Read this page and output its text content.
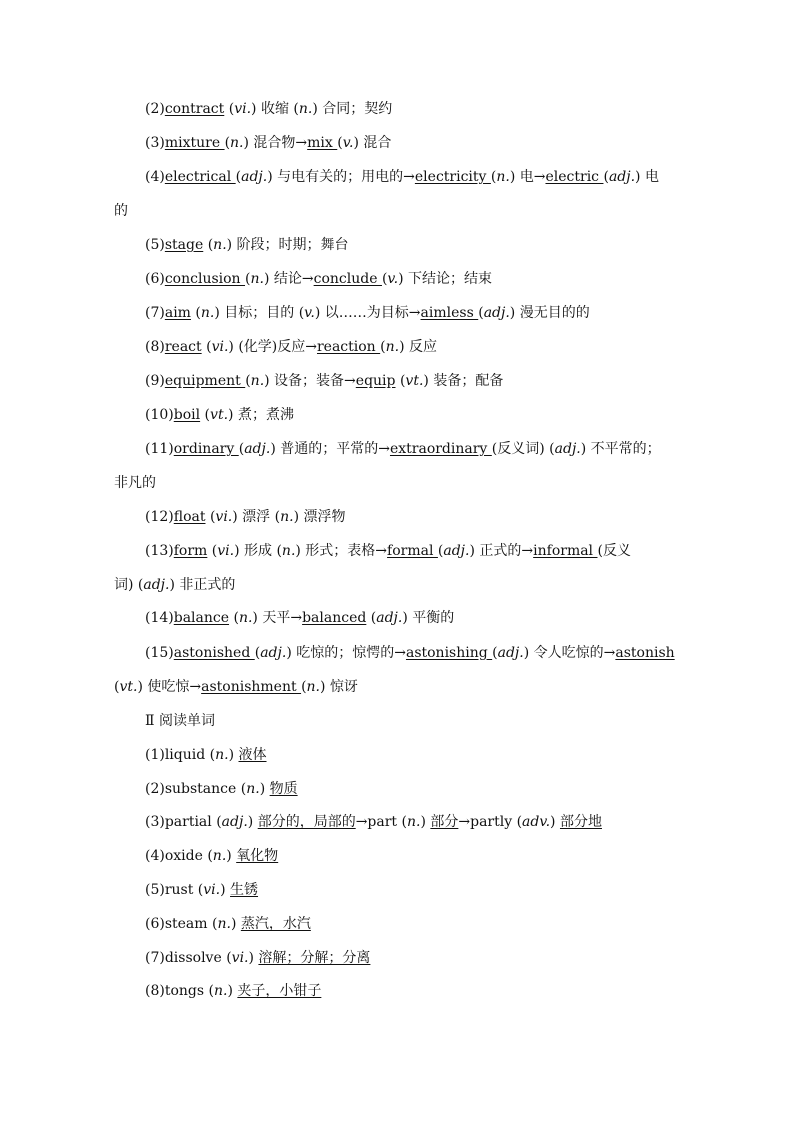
(2)contract (vi.) 收缩 (n.) 合同；契约
(3)mixture (n.) 混合物→mix (v.) 混合
(4)electrical (adj.) 与电有关的；用电的→electricity (n.) 电→electric (adj.) 电
的
(5)stage (n.) 阶段；时期；舞台
(6)conclusion (n.) 结论→conclude (v.) 下结论；结束
(7)aim (n.) 目标；目的 (v.) 以……为目标→aimless (adj.) 漫无目的的
(8)react (vi.) (化学)反应→reaction (n.) 反应
(9)equipment (n.) 设备；装备→equip (vt.) 装备；配备
(10)boil (vt.) 煮；煮沸
(11)ordinary (adj.) 普通的；平常的→extraordinary (反义词) (adj.) 不平常的；
非凡的
(12)float (vi.) 漂浮 (n.) 漂浮物
(13)form (vi.) 形成 (n.) 形式；表格→formal (adj.) 正式的→informal (反义
词) (adj.) 非正式的
(14)balance (n.) 天平→balanced (adj.) 平衡的
(15)astonished (adj.) 吃惊的；惊愕的→astonishing (adj.) 令人吃惊的→astonish
(vt.) 使吃惊→astonishment (n.) 惊讶
Ⅱ 阅读单词
(1)liquid (n.) 液体
(2)substance (n.) 物质
(3)partial (adj.) 部分的，局部的→part (n.) 部分→partly (adv.) 部分地
(4)oxide (n.) 氧化物
(5)rust (vi.) 生锈
(6)steam (n.) 蒸汽，水汽
(7)dissolve (vi.) 溶解；分解；分离
(8)tongs (n.) 夹子，小钳子
